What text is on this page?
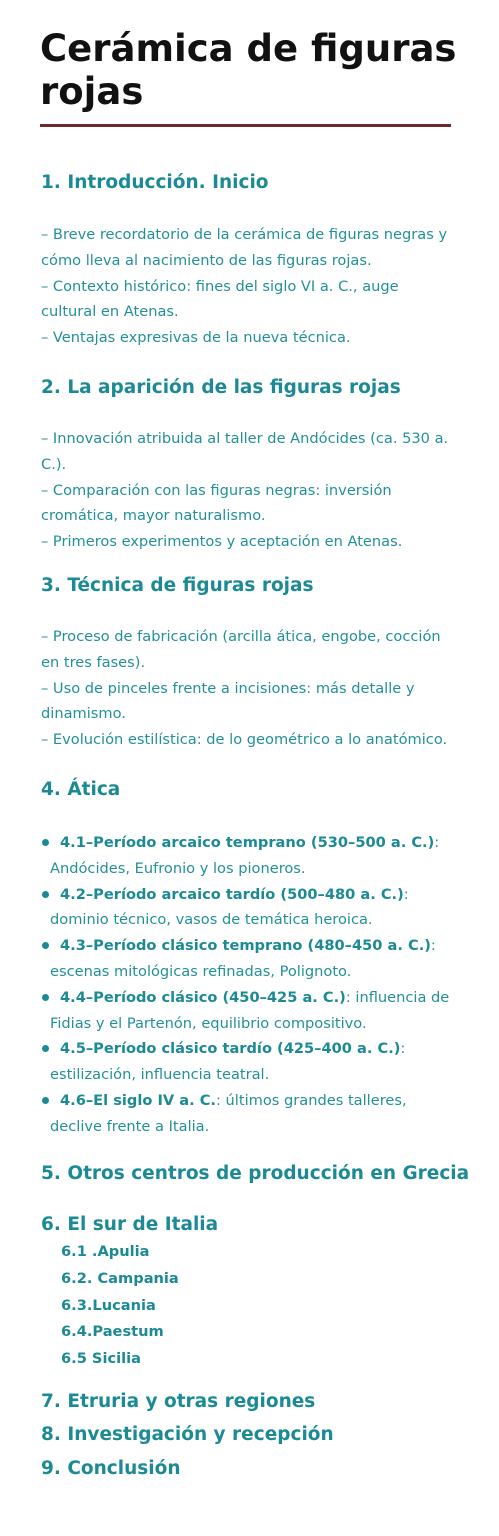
Cerámica de figuras rojas
1. Introducción. Inicio
– Breve recordatorio de la cerámica de figuras negras y
cómo lleva al nacimiento de las figuras rojas.
– Contexto histórico: fines del siglo VI a. C., auge
cultural en Atenas.
– Ventajas expresivas de la nueva técnica.
2. La aparición de las figuras rojas
– Innovación atribuida al taller de Andócides (ca. 530 a.
C.).
– Comparación con las figuras negras: inversión
cromática, mayor naturalismo.
– Primeros experimentos y aceptación en Atenas.
3. Técnica de figuras rojas
– Proceso de fabricación (arcilla ática, engobe, cocción
en tres fases).
– Uso de pinceles frente a incisiones: más detalle y
dinamismo.
– Evolución estilística: de lo geométrico a lo anatómico.
4. Ática
4.1–Período arcaico temprano (530–500 a. C.):
Andócides, Eufronio y los pioneros.
4.2–Período arcaico tardío (500–480 a. C.):
dominio técnico, vasos de temática heroica.
4.3–Período clásico temprano (480–450 a. C.):
escenas mitológicas refinadas, Polignoto.
4.4–Período clásico (450–425 a. C.): influencia de
Fidias y el Partenón, equilibrio compositivo.
4.5–Período clásico tardío (425–400 a. C.):
estilización, influencia teatral.
4.6–El siglo IV a. C.: últimos grandes talleres,
declive frente a Italia.
5. Otros centros de producción en Grecia
6. El sur de Italia
6.1 .Apulia
6.2. Campania
6.3.Lucania
6.4.Paestum
6.5 Sicilia
7. Etruria y otras regiones
8. Investigación y recepción
9. Conclusión
